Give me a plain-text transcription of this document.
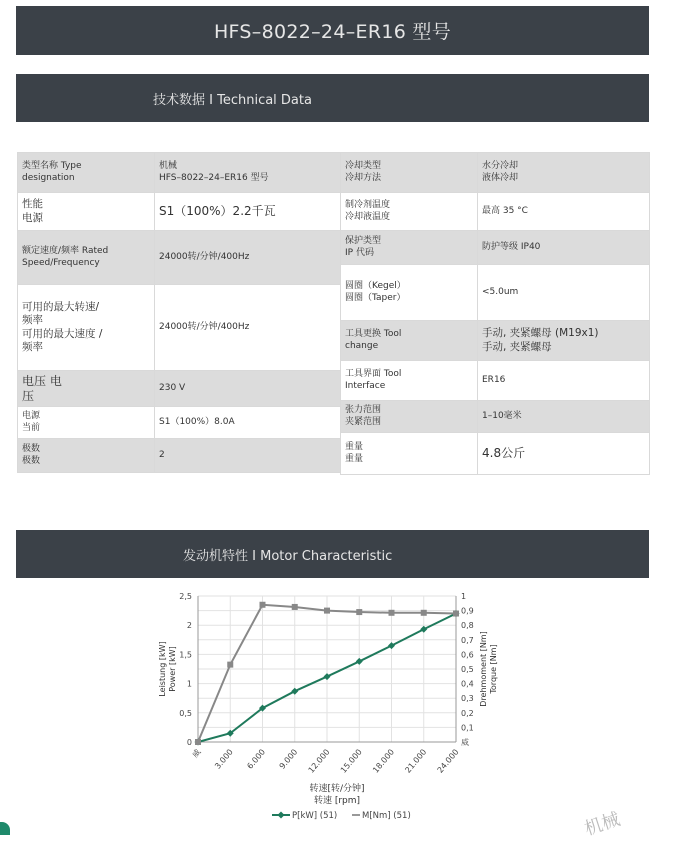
HFS–8022–24–ER16 型号
技术数据 I Technical Data
类型名称 Type
designation	机械
HFS–8022–24–ER16 型号

性能
电源	S1（100%）2.2千瓦

额定速度/频率 Rated
Speed/Frequency	24000转/分钟/400Hz

可用的最大转速/
频率
可用的最大速度 /
频率	24000转/分钟/400Hz

电压 电
压	230 V

电源
当前	S1（100%）8.0A

极数
极数	2
冷却类型
冷却方法	水分冷却
液体冷却

制冷剂温度
冷却液温度	最高 35 °C

保护类型
IP 代码	防护等级 IP40

圆圈（Kegel）
圆圈（Taper）	<5.0um

工具更换 Tool
change	手动, 夹紧螺母 (M19x1)
手动, 夹紧螺母

工具界面 Tool
Interface	ER16

张力范围
夹紧范围	1–10毫米

重量
重量	4.8公斤
发动机特性 I Motor Characteristic
0
0,5
1
1,5
2
2,5
威
0,1
0,2
0,3
0,4
0,5
0,6
0,7
0,8
0,9
1
威 3.000 6.000 9.000 12.000 15.000 18.000 21.000 24.000
Leistung [kW] Power [kW]	Drehmoment [Nm] Torque [Nm]
转速[转/分钟]
转速 [rpm]
P[kW] (51)	M[Nm] (51)	机械
